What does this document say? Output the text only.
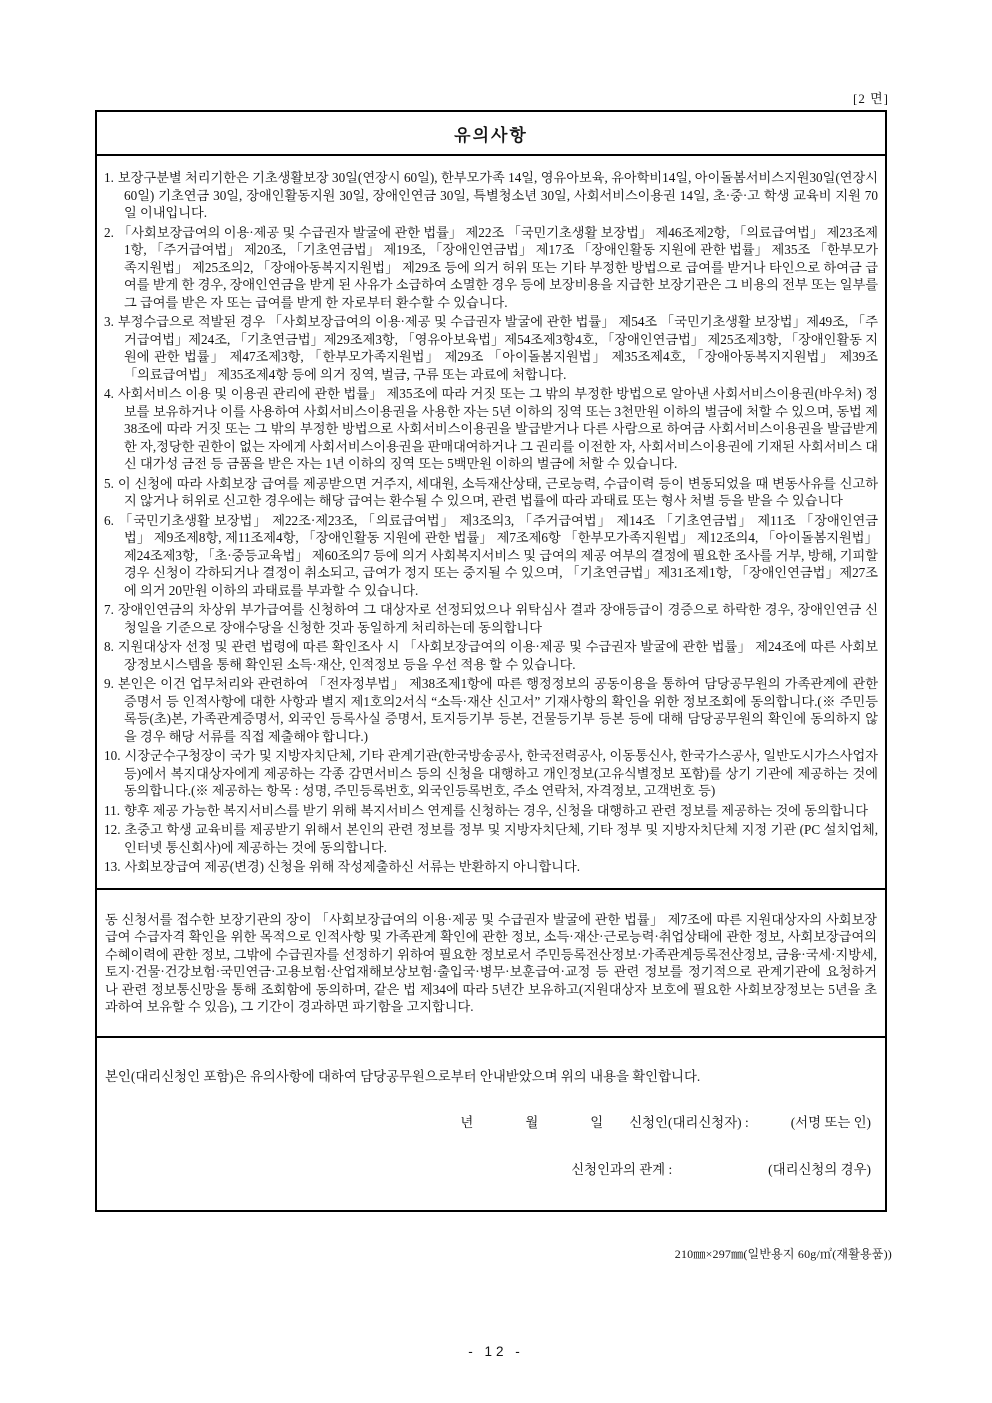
[2 면]
유의사항

1. 보장구분별 처리기한은 기초생활보장 30일(연장시 60일), 한부모가족 14일, 영유아보육, 유아학비14일, 아이돌봄서비스지원30일(연장시 60일) 기초연금 30일, 장애인활동지원 30일, 장애인연금 30일, 특별청소년 30일, 사회서비스이용권 14일, 초·중·고 학생 교육비 지원 70일 이내입니다.

2. 「사회보장급여의 이용·제공 및 수급권자 발굴에 관한 법률」 제22조 「국민기초생활 보장법」 제46조제2항, 「의료급여법」 제23조제1항, 「주거급여법」 제20조, 「기초연금법」 제19조, 「장애인연금법」 제17조 「장애인활동 지원에 관한 법률」 제35조 「한부모가족지원법」 제25조의2, 「장애아동복지지원법」 제29조 등에 의거 허위 또는 기타 부정한 방법으로 급여를 받거나 타인으로 하여금 급여를 받게 한 경우, 장애인연금을 받게 된 사유가 소급하여 소멸한 경우 등에 보장비용을 지급한 보장기관은 그 비용의 전부 또는 일부를 그 급여를 받은 자 또는 급여를 받게 한 자로부터 환수할 수 있습니다.

3. 부정수급으로 적발된 경우 「사회보장급여의 이용·제공 및 수급권자 발굴에 관한 법률」 제54조 「국민기초생활 보장법」제49조, 「주거급여법」제24조, 「기초연금법」제29조제3항, 「영유아보육법」제54조제3항4호, 「장애인연금법」 제25조제3항, 「장애인활동 지원에 관한 법률」 제47조제3항, 「한부모가족지원법」 제29조 「아이돌봄지원법」 제35조제4호, 「장애아동복지지원법」 제39조 「의료급여법」 제35조제4항 등에 의거 징역, 벌금, 구류 또는 과료에 처합니다.

4. 사회서비스 이용 및 이용권 관리에 관한 법률」 제35조에 따라 거짓 또는 그 밖의 부정한 방법으로 알아낸 사회서비스이용권(바우처) 정보를 보유하거나 이를 사용하여 사회서비스이용권을 사용한 자는 5년 이하의 징역 또는 3천만원 이하의 벌금에 처할 수 있으며, 동법 제38조에 따라 거짓 또는 그 밖의 부정한 방법으로 사회서비스이용권을 발급받거나 다른 사람으로 하여금 사회서비스이용권을 발급받게 한 자,정당한 권한이 없는 자에게 사회서비스이용권을 판매대여하거나 그 권리를 이전한 자, 사회서비스이용권에 기재된 사회서비스 대신 대가성 금전 등 금품을 받은 자는 1년 이하의 징역 또는 5백만원 이하의 벌금에 처할 수 있습니다.

5. 이 신청에 따라 사회보장 급여를 제공받으면 거주지, 세대원, 소득재산상태, 근로능력, 수급이력 등이 변동되었을 때 변동사유를 신고하지 않거나 허위로 신고한 경우에는 해당 급여는 환수될 수 있으며, 관련 법률에 따라 과태료 또는 형사 처벌 등을 받을 수 있습니다

6. 「국민기초생활 보장법」 제22조·제23조, 「의료급여법」 제3조의3, 「주거급여법」 제14조 「기초연금법」 제11조 「장애인연금법」 제9조제8항, 제11조제4항, 「장애인활동 지원에 관한 법률」 제7조제6항 「한부모가족지원법」 제12조의4, 「아이돌봄지원법」 제24조제3항, 「초·중등교육법」 제60조의7 등에 의거 사회복지서비스 및 급여의 제공 여부의 결정에 필요한 조사를 거부, 방해, 기피할 경우 신청이 각하되거나 결정이 취소되고, 급여가 정지 또는 중지될 수 있으며, 「기초연금법」제31조제1항, 「장애인연금법」제27조에 의거 20만원 이하의 과태료를 부과할 수 있습니다.

7. 장애인연금의 차상위 부가급여를 신청하여 그 대상자로 선정되었으나 위탁심사 결과 장애등급이 경증으로 하락한 경우, 장애인연금 신청일을 기준으로 장애수당을 신청한 것과 동일하게 처리하는데 동의합니다

8. 지원대상자 선정 및 관련 법령에 따른 확인조사 시 「사회보장급여의 이용·제공 및 수급권자 발굴에 관한 법률」 제24조에 따른 사회보장정보시스템을 통해 확인된 소득·재산, 인적정보 등을 우선 적용 할 수 있습니다.

9. 본인은 이건 업무처리와 관련하여 「전자정부법」 제38조제1항에 따른 행정정보의 공동이용을 통하여 담당공무원의 가족관계에 관한 증명서 등 인적사항에 대한 사항과 별지 제1호의2서식 “소득·재산 신고서” 기재사항의 확인을 위한 정보조회에 동의합니다.(※ 주민등록등(초)본, 가족관계증명서, 외국인 등록사실 증명서, 토지등기부 등본, 건물등기부 등본 등에 대해 담당공무원의 확인에 동의하지 않을 경우 해당 서류를 직접 제출해야 합니다.)

10. 시장군수구청장이 국가 및 지방자치단체, 기타 관계기관(한국방송공사, 한국전력공사, 이동통신사, 한국가스공사, 일반도시가스사업자 등)에서 복지대상자에게 제공하는 각종 감면서비스 등의 신청을 대행하고 개인정보(고유식별정보 포함)를 상기 기관에 제공하는 것에 동의합니다.(※ 제공하는 항목 : 성명, 주민등록번호, 외국인등록번호, 주소 연락처, 자격정보, 고객번호 등)

11. 향후 제공 가능한 복지서비스를 받기 위해 복지서비스 연계를 신청하는 경우, 신청을 대행하고 관련 정보를 제공하는 것에 동의합니다

12. 초중고 학생 교육비를 제공받기 위해서 본인의 관련 정보를 정부 및 지방자치단체, 기타 정부 및 지방자치단체 지정 기관 (PC 설치업체, 인터넷 통신회사)에 제공하는 것에 동의합니다.

13. 사회보장급여 제공(변경) 신청을 위해 작성제출하신 서류는 반환하지 아니합니다.

동 신청서를 접수한 보장기관의 장이 「사회보장급여의 이용·제공 및 수급권자 발굴에 관한 법률」 제7조에 따른 지원대상자의 사회보장급여 수급자격 확인을 위한 목적으로 인적사항 및 가족관계 확인에 관한 정보, 소득·재산·근로능력·취업상태에 관한 정보, 사회보장급여의 수혜이력에 관한 정보, 그밖에 수급권자를 선정하기 위하여 필요한 정보로서 주민등록전산정보·가족관계등록전산정보, 금융·국세·지방세, 토지·건물·건강보험·국민연금·고용보험·산업재해보상보험·출입국·병무·보훈급여·교정 등 관련 정보를 정기적으로 관계기관에 요청하거나 관련 정보통신망을 통해 조회함에 동의하며, 같은 법 제34에 따라 5년간 보유하고(지원대상자 보호에 필요한 사회보장정보는 5년을 초과하여 보유할 수 있음), 그 기간이 경과하면 파기함을 고지합니다.

본인(대리신청인 포함)은 유의사항에 대하여 담당공무원으로부터 안내받았으며 위의 내용을 확인합니다.

년	월	일 신청인(대리신청자) :	(서명 또는 인)
신청인과의 관계 :	(대리신청의 경우)
210㎜×297㎜(일반용지 60g/㎡(재활용품))
- 12 -
